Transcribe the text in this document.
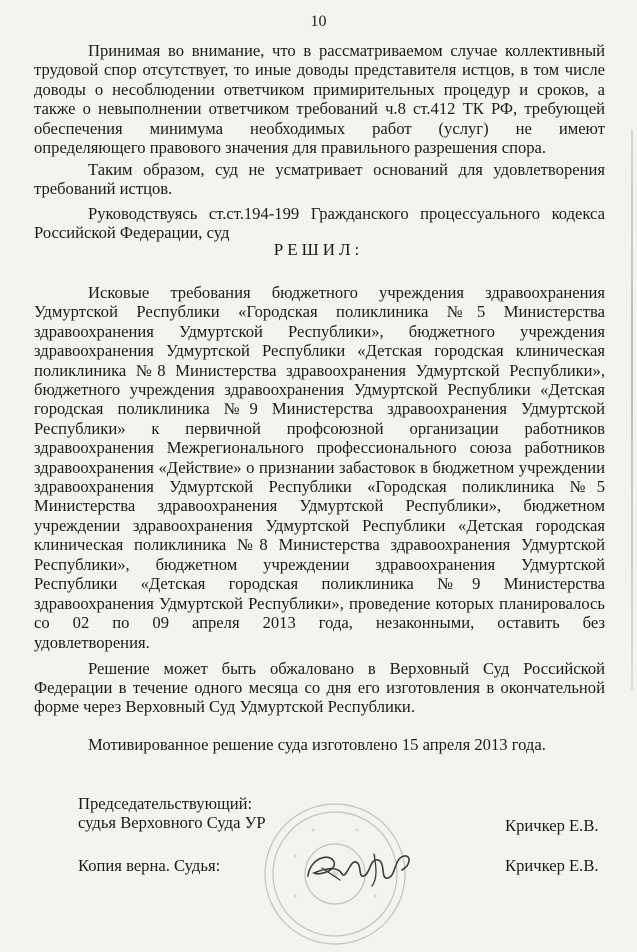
10

Принимая во внимание, что в рассматриваемом случае коллективный трудовой спор отсутствует, то иные доводы представителя истцов, в том числе доводы о несоблюдении ответчиком примирительных процедур и сроков, а также о невыполнении ответчиком требований ч.8 ст.412 ТК РФ, требующей обеспечения минимума необходимых работ (услуг) не имеют

определяющего правового значения для правильного разрешения спора.

Таким образом, суд не усматривает оснований для удовлетворения

требований истцов.

Руководствуясь ст.ст.194-199 Гражданского процессуального кодекса

Российской Федерации, суд

РЕШИЛ:

Исковые требования бюджетного учреждения здравоохранения Удмуртской Республики «Городская поликлиника №5 Министерства здравоохранения Удмуртской Республики», бюджетного учреждения здравоохранения Удмуртской Республики «Детская городская клиническая поликлиника №8 Министерства здравоохранения Удмуртской Республики», бюджетного учреждения здравоохранения Удмуртской Республики «Детская городская поликлиника №9 Министерства здравоохранения Удмуртской Республики» к первичной профсоюзной организации работников здравоохранения Межрегионального профессионального союза работников здравоохранения «Действие» о признании забастовок в бюджетном учреждении здравоохранения Удмуртской Республики «Городская поликлиника №5 Министерства здравоохранения Удмуртской Республики», бюджетном учреждении здравоохранения Удмуртской Республики «Детская городская клиническая поликлиника №8 Министерства здравоохранения Удмуртской Республики», бюджетном учреждении здравоохранения Удмуртской Республики «Детская городская поликлиника №9 Министерства здравоохранения Удмуртской Республики», проведение которых планировалось со 02 по 09 апреля 2013 года, незаконными, оставить без

удовлетворения.

Решение может быть обжаловано в Верховный Суд Российской Федерации в течение одного месяца со дня его изготовления в окончательной

форме через Верховный Суд Удмуртской Республики.

Мотивированное решение суда изготовлено 15 апреля 2013 года.

Председательствующий:

судья Верховного Суда УР	Кричкер Е.В.

Копия верна. Судья:	Кричкер Е.В.
